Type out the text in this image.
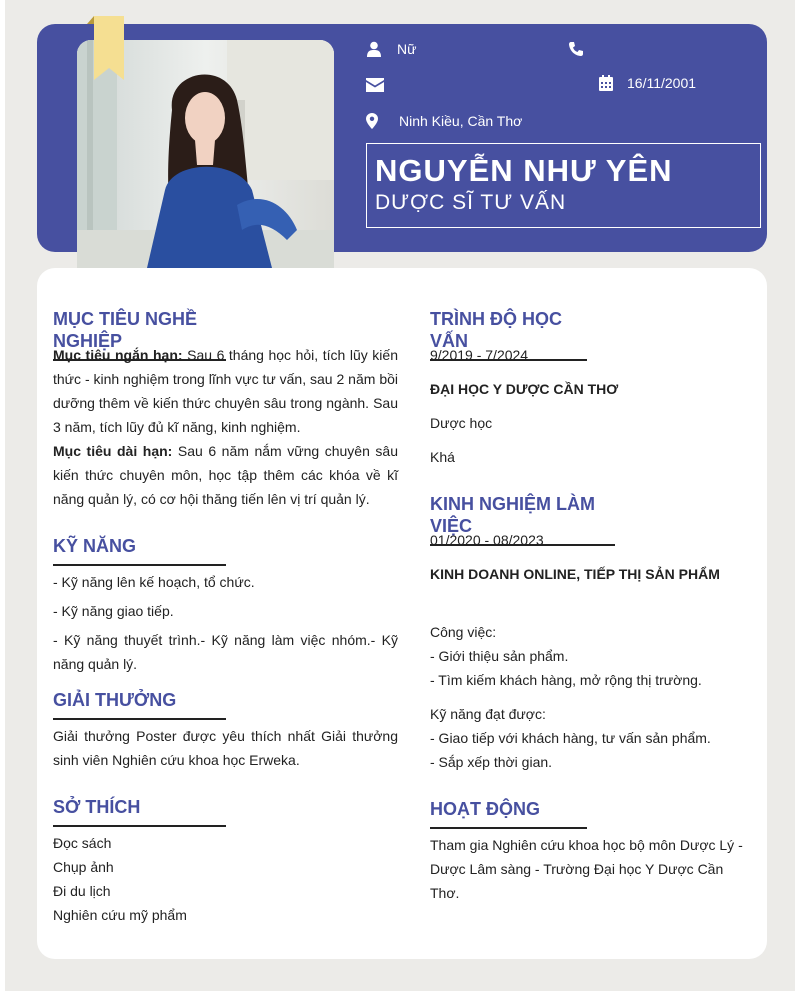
Nữ
16/11/2001
Ninh Kiều, Cần Thơ
NGUYỄN NHƯ YÊN
DƯỢC SĨ TƯ VẤN
MỤC TIÊU NGHỀ NGHIỆP
Mục tiêu ngắn hạn: Sau 6 tháng học hỏi, tích lũy kiến thức - kinh nghiệm trong lĩnh vực tư vấn, sau 2 năm bồi dưỡng thêm về kiến thức chuyên sâu trong ngành. Sau 3 năm, tích lũy đủ kĩ năng, kinh nghiệm.
Mục tiêu dài hạn: Sau 6 năm nắm vững chuyên sâu kiến thức chuyên môn, học tập thêm các khóa về kĩ năng quản lý, có cơ hội thăng tiến lên vị trí quản lý.
KỸ NĂNG
- Kỹ năng lên kế hoạch, tổ chức.
- Kỹ năng giao tiếp.
- Kỹ năng thuyết trình.- Kỹ năng làm việc nhóm.- Kỹ năng quản lý.
GIẢI THƯỞNG
Giải thưởng Poster được yêu thích nhất Giải thưởng sinh viên Nghiên cứu khoa học Erweka.
SỞ THÍCH
Đọc sách
Chụp ảnh
Đi du lịch
Nghiên cứu mỹ phẩm
TRÌNH ĐỘ HỌC VẤN
9/2019 - 7/2024
ĐẠI HỌC Y DƯỢC CẦN THƠ
Dược học
Khá
KINH NGHIỆM LÀM VIỆC
01/2020 - 08/2023
KINH DOANH ONLINE, TIẾP THỊ SẢN PHẨM
Công việc:
- Giới thiệu sản phẩm.
- Tìm kiếm khách hàng, mở rộng thị trường.
Kỹ năng đạt được:
- Giao tiếp với khách hàng, tư vấn sản phẩm.
- Sắp xếp thời gian.
HOẠT ĐỘNG
Tham gia Nghiên cứu khoa học bộ môn Dược Lý - Dược Lâm sàng - Trường Đại học Y Dược Cần Thơ.
